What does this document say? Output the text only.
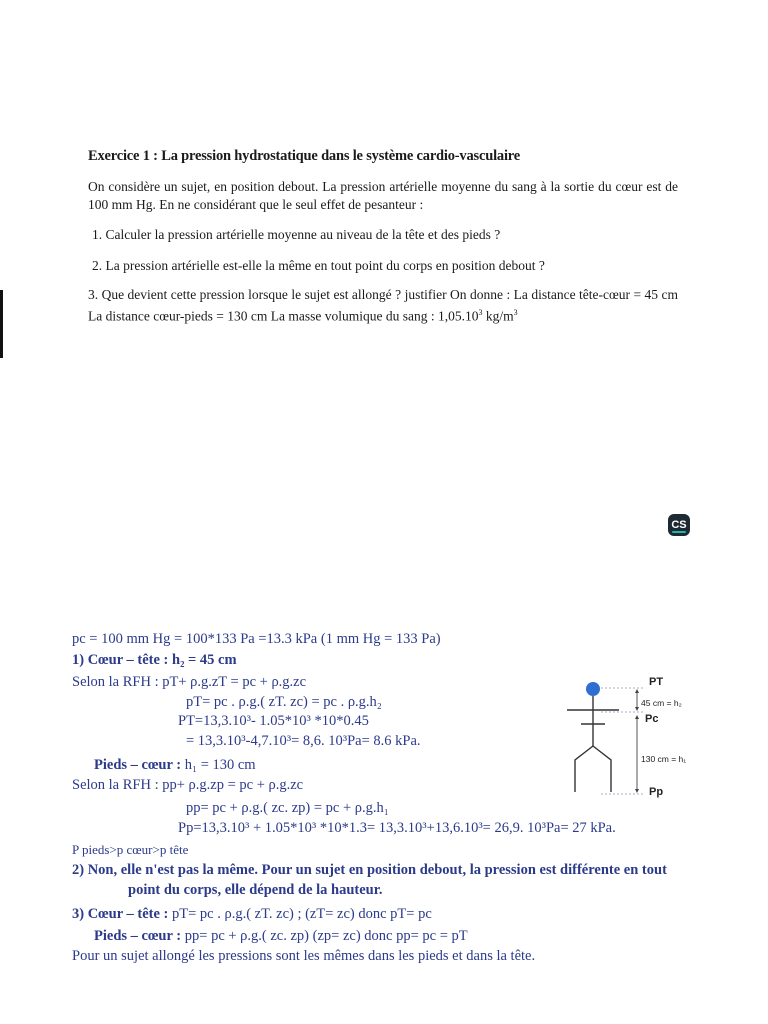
Exercice 1 : La pression hydrostatique dans le système cardio-vasculaire
On considère un sujet, en position debout. La pression artérielle moyenne du sang à la sortie du cœur est de 100 mm Hg. En ne considérant que le seul effet de pesanteur :
1. Calculer la pression artérielle moyenne au niveau de la tête et des pieds ?
2. La pression artérielle est-elle la même en tout point du corps en position debout ?
3. Que devient cette pression lorsque le sujet est allongé ? justifier On donne : La distance tête-cœur = 45 cm La distance cœur-pieds = 130 cm La masse volumique du sang : 1,05.10$^3$ $kg/m^3$
CS
pc = 100 mm Hg = 100*133 Pa =13.3 kPa (1 mm Hg = 133 Pa)
1) Cœur – tête : h₂ = 45 cm
Selon la RFH : pT+ ρ.g.zT = pc + ρ.g.zc
pT= pc . ρ.g.( zT. zc) = pc . ρ.g.h₂
PT=13,3.10³- 1.05*10³ *10*0.45
= 13,3.10³-4,7.10³= 8,6. 10³Pa= 8.6 kPa.
Pieds – cœur : h₁ = 130 cm
Selon la RFH : pp+ ρ.g.zp = pc + ρ.g.zc
pp= pc + ρ.g.( zc. zp) = pc + ρ.g.h₁
Pp=13,3.10³ + 1.05*10³ *10*1.3= 13,3.10³+13,6.10³= 26,9. 10³Pa= 27 kPa.
P pieds>p cœur>p tête
2) Non, elle n'est pas la même. Pour un sujet en position debout, la pression est différente en tout
point du corps, elle dépend de la hauteur.
3) Cœur – tête : pT= pc . ρ.g.( zT. zc) ; (zT= zc) donc pT= pc
Pieds – cœur : pp= pc + ρ.g.( zc. zp) (zp= zc) donc pp= pc = pT
Pour un sujet allongé les pressions sont les mêmes dans les pieds et dans la tête.
PT
45 cm = h₂
Pc
130 cm = h₁
Pp
